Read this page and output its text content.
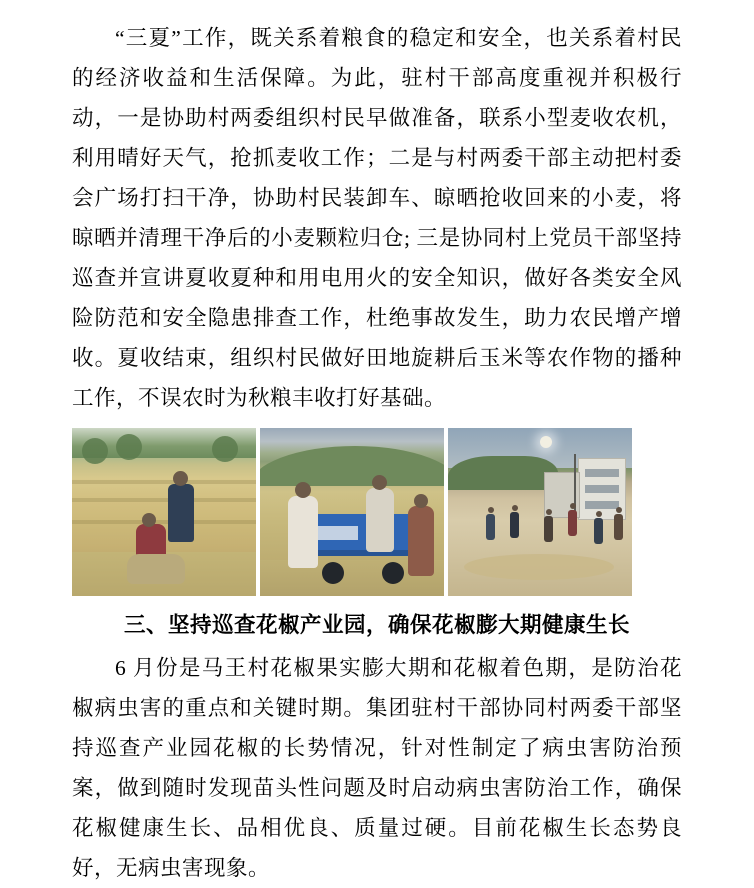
“三夏”工作，既关系着粮食的稳定和安全，也关系着村民的经济收益和生活保障。为此，驻村干部高度重视并积极行动，一是协助村两委组织村民早做准备，联系小型麦收农机，利用晴好天气，抢抓麦收工作；二是与村两委干部主动把村委会广场打扫干净，协助村民装卸车、晾晒抢收回来的小麦，将晾晒并清理干净后的小麦颗粒归仓; 三是协同村上党员干部坚持巡查并宣讲夏收夏种和用电用火的安全知识，做好各类安全风险防范和安全隐患排查工作，杜绝事故发生，助力农民增产增收。夏收结束，组织村民做好田地旋耕后玉米等农作物的播种工作，不误农时为秋粮丰收打好基础。

三、坚持巡查花椒产业园，确保花椒膨大期健康生长

6 月份是马王村花椒果实膨大期和花椒着色期，是防治花椒病虫害的重点和关键时期。集团驻村干部协同村两委干部坚持巡查产业园花椒的长势情况，针对性制定了病虫害防治预案，做到随时发现苗头性问题及时启动病虫害防治工作，确保花椒健康生长、品相优良、质量过硬。目前花椒生长态势良好，无病虫害现象。
